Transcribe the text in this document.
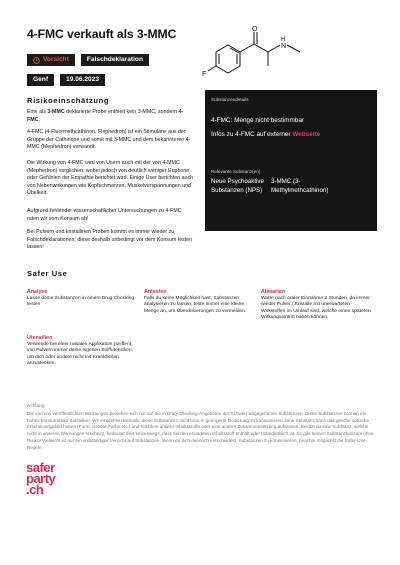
4-FMC verkauft als 3-MMC
Vorsicht	Falschdeklaration
Genf	19.06.2023
O
N
H
F
Risikoeinschätzung
Eine als 3-MMC deklarierte Probe enthielt kein 3-MMC, sondern 4-FMC.
4-FMC (4-Fluormethcathinon, Flephedron) ist ein Stimulans aus der Gruppe der Cathinone und somit mit 3-MMC und dem bekannteren 4-MMC (Mephedron) verwandt.
Die Wirkung von 4-FMC wird von Usern auch mit der von 4-MMC (Mephedron) verglichen, wobei jedoch von deutlich weniger Euphorie oder Gefühlen der Empathie berichtet wird. Einige User berichten auch von Nebenwirkungen wie Kopfschmerzen, Muskelverspannungen und Übelkeit.
Aufgrund fehlender wissenschaftlicher Untersuchungen zu 4-FMC raten wir vom Konsum ab!
Bei Pulvern und kristallinen Proben kommt es immer wieder zu Falschdeklarationen; diese deshalb unbedingt vor dem Konsum testen lassen!
Substanzendetails
4-FMC: Menge nicht bestimmbar
Infos zu 4-FMC auf externer Webseite
Relevante Substanz(en)
Neue Psychoaktive Substanzen (NPS)
3-MMC (3-Methylmethcathinon)
Safer Use
Analyse
Lasse deine Substanzen in einem Drug Checking testen
Antesten
Falls du keine Möglichkeit hast, Substanzen analysieren zu lassen, teste immer eine kleine Menge an, um Überdosierungen zu vermeiden.
Abwarten
Warte nach oraler Einnahme 2 Stunden, da immer wieder Pulver / Kristalle mit unerwarteten Wirkstoffen im Umlauf sind, welche einen späteren Wirkungseintritt haben können.
Utensilien
Verwende bei einer nasalen Applikation (sniffen) von Pulvern immer deine eigenen Sniffutensilien, um dich oder andere nicht mit Krankheiten anzustecken.
Achtung
Die von uns veröffentlichten Warnungen beziehen sich nur auf die in Drug-Checking-Angeboten der Schweiz abgegebenen Substanzen. Diese Substanzen können ein hohes Konsumrisiko darstellen. Wir empfehlen deshalb, diese Substanzen nicht bzw. in geringerer Dosierung zu konsumieren. Eine Substanz kann das gleiche optische Erscheinungsbild haben (Form, Grösse,Farbe etc.) und trotzdem andere Inhaltsstoffe oder eine andere Zusammensetzung aufweisen. Besitzt du eine Substanz, welche nicht in unseren Warnungen erscheint, bedeutet dies keineswegs, dass sie den erwarteten Inhaltsstoff enthält oder unbedenklich ist. Es gibt keinen Substanzkonsum ohne Risiko! Vielleicht ist nur ein vollständiger Verzicht auf Substanzen. Wenn du dich dennoch entscheidest, Substanzen zu konsumieren, beachte möglichst die Safer-Use-Regeln.
safer
party
.ch
